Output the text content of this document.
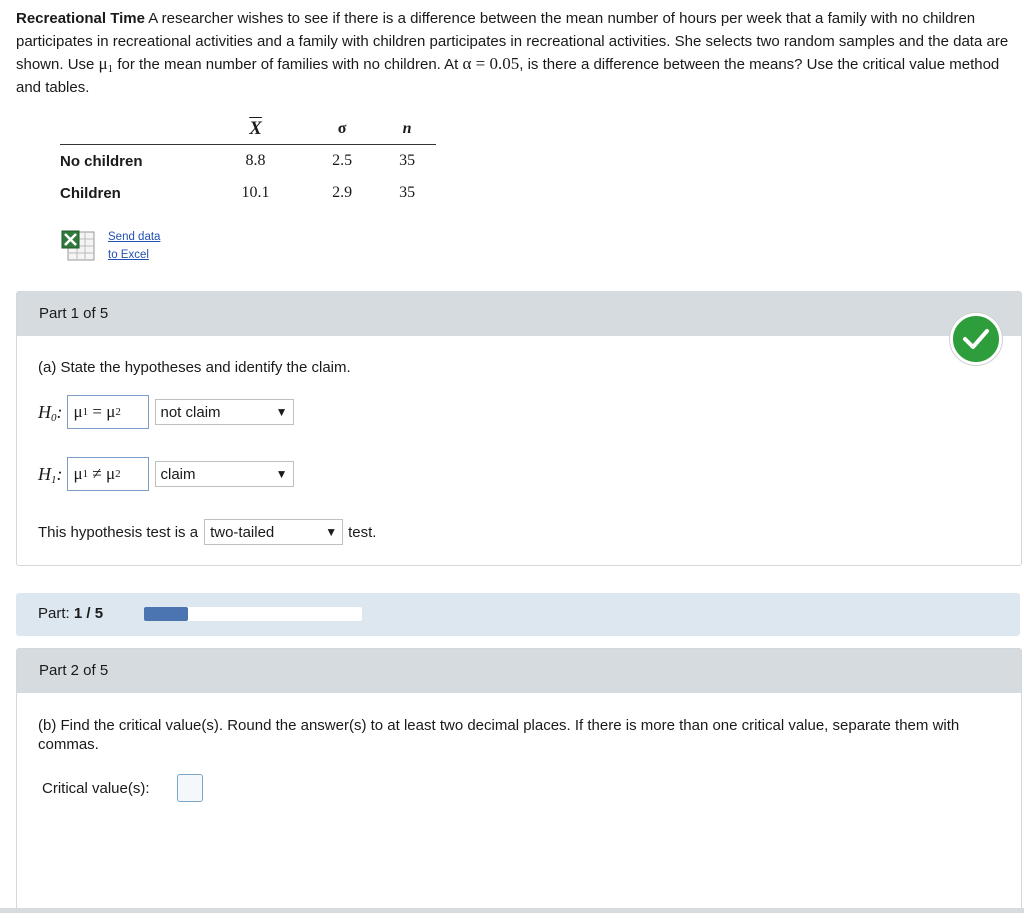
Recreational Time A researcher wishes to see if there is a difference between the mean number of hours per week that a family with no children participates in recreational activities and a family with children participates in recreational activities. She selects two random samples and the data are shown. Use $\mu_1$ for the mean number of families with no children. At α = 0.05, is there a difference between the means? Use the critical value method and tables.
	$\overline{X}$	σ	n
No children	8.8	2.5	35
Children	10.1	2.9	35
Send data
to Excel
Part 1 of 5
(a) State the hypotheses and identify the claim.
$H_0$: μ 1
=
μ 2	not claim	▼
$H_1$: μ 1
≠
μ 2	claim	▼
This hypothesis test is a two-tailed	▼ test.
Part: 1 / 5
Part 2 of 5
(b) Find the critical value(s). Round the answer(s) to at least two decimal places. If there is more than one critical value, separate them with commas.
Critical value(s):
